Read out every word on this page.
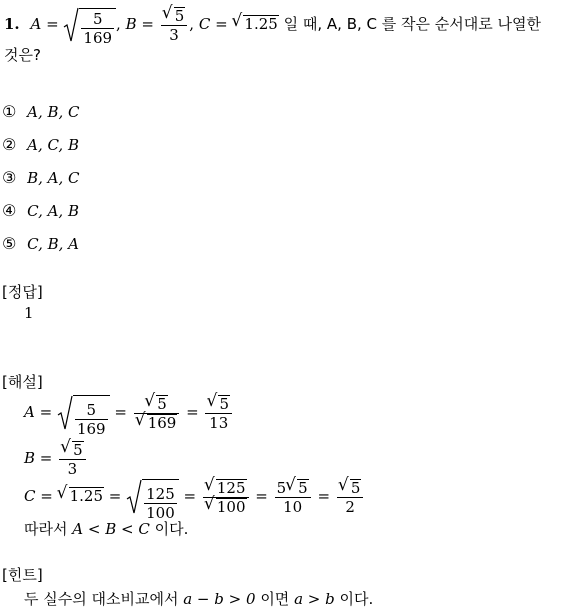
1. $A = \frac{5}{169}$ , B = √ $\frac{5}{3}$ , C = √ 1.25 일 때, A, B, C 를 작은 순서대로 나열한
것은?
① A, B, C
② A, C, B
③ B, A, C
④ C, A, B
⑤ C, B, A
[정답]
1
[해설]
$A = \frac{5}{169}$ = √ 5
√ 169 = √ $\frac{5}{13}$
B = √ $\frac{5}{3}$
C = √ $1.25 = \frac{125}{100}$ = √ 125
√ $100 = \frac{5 √ 5}{10}$ = √ $\frac{5}{2}$
따라서 A < B < C 이다.
[힌트]
두 실수의 대소비교에서 a − b > 0 이면 a > b 이다.
